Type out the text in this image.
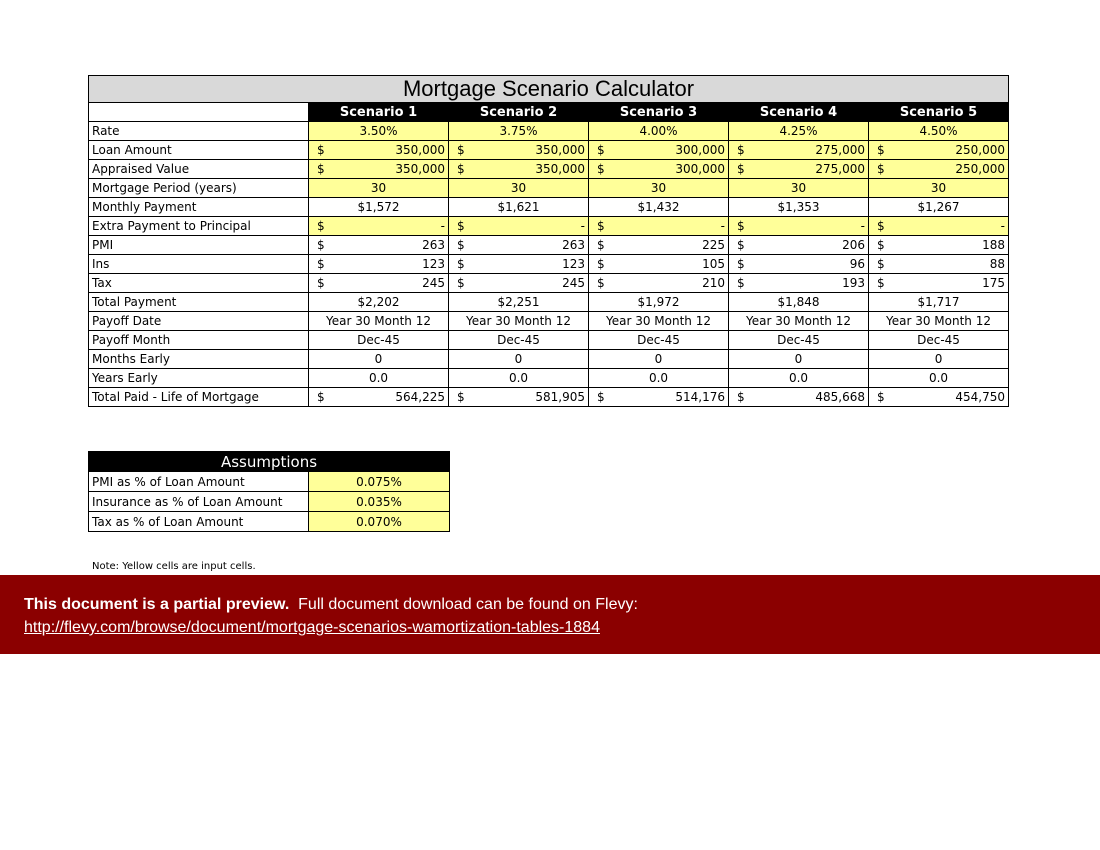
Mortgage Scenario Calculator					
	Scenario 1	Scenario 2	Scenario 3	Scenario 4	Scenario 5
Rate	3.50%	3.75%	4.00%	4.25%	4.50%
Loan Amount	$ 350,000	$ 350,000	$ 300,000	$ 275,000	$ 250,000
Appraised Value	$ 350,000	$ 350,000	$ 300,000	$ 275,000	$ 250,000
Mortgage Period (years)	30	30	30	30	30
Monthly Payment	$1,572	$1,621	$1,432	$1,353	$1,267
Extra Payment to Principal	$ -	$ -	$ -	$ -	$ -
PMI	$ 263	$ 263	$ 225	$ 206	$ 188
Ins	$ 123	$ 123	$ 105	$ 96	$ 88
Tax	$ 245	$ 245	$ 210	$ 193	$ 175
Total Payment	$2,202	$2,251	$1,972	$1,848	$1,717
Payoff Date	Year 30 Month 12	Year 30 Month 12	Year 30 Month 12	Year 30 Month 12	Year 30 Month 12
Payoff Month	Dec-45	Dec-45	Dec-45	Dec-45	Dec-45
Months Early	0	0	0	0	0
Years Early	0.0	0.0	0.0	0.0	0.0
Total Paid - Life of Mortgage	$ 564,225	$ 581,905	$ 514,176	$ 485,668	$ 454,750
Assumptions	
PMI as % of Loan Amount	0.075%
Insurance as % of Loan Amount	0.035%
Tax as % of Loan Amount	0.070%
Note: Yellow cells are input cells.
This document is a partial preview. Full document download can be found on Flevy:
http://flevy.com/browse/document/mortgage-scenarios-wamortization-tables-1884
